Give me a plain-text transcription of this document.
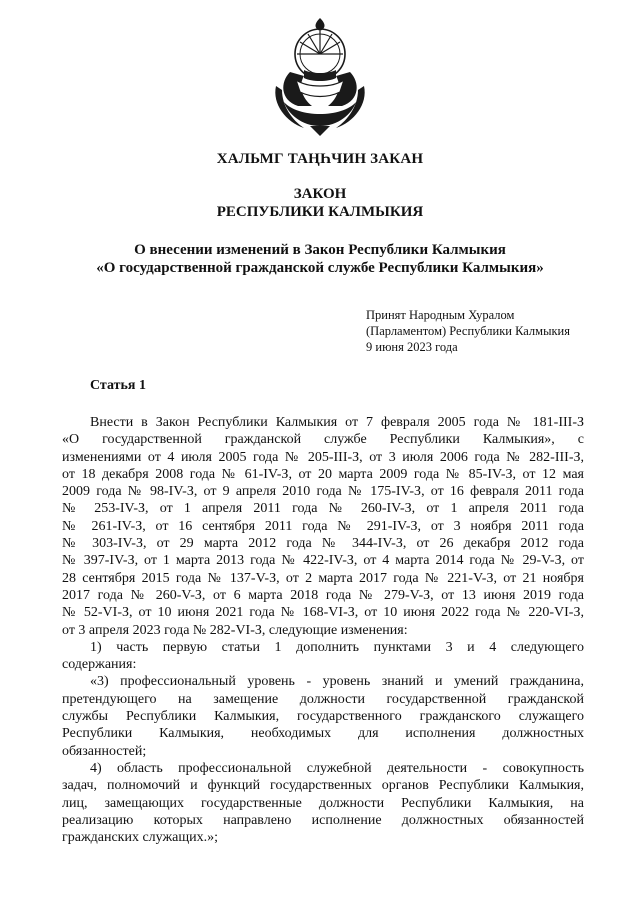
ХАЛЬМГ ТАҢҺЧИН ЗАКАН

ЗАКОН

РЕСПУБЛИКИ КАЛМЫКИЯ

О внесении изменений в Закон Республики Калмыкия

«О государственной гражданской службе Республики Калмыкия»

Принят Народным Хуралом
(Парламентом) Республики Калмыкия
9 июня 2023 года

Статья 1

  Внести в Закон Республики Калмыкия от 7 февраля 2005 года № 181-III-З
«О государственной гражданской службе Республики Калмыкия», с
изменениями от 4 июля 2005 года № 205-III-З, от 3 июля 2006 года № 282-III-З,
от 18 декабря 2008 года № 61-IV-З, от 20 марта 2009 года № 85-IV-З, от 12 мая
2009 года № 98-IV-З, от 9 апреля 2010 года № 175-IV-З, от 16 февраля 2011 года
№ 253-IV-З, от 1 апреля 2011 года № 260-IV-З, от 1 апреля 2011 года
№ 261-IV-З, от 16 сентября 2011 года № 291-IV-З, от 3 ноября 2011 года
№ 303-IV-З, от 29 марта 2012 года № 344-IV-З, от 26 декабря 2012 года
№ 397-IV-З, от 1 марта 2013 года № 422-IV-З, от 4 марта 2014 года № 29-V-З, от
28 сентября 2015 года № 137-V-З, от 2 марта 2017 года № 221-V-З, от 21 ноября
2017 года № 260-V-З, от 6 марта 2018 года № 279-V-З, от 13 июня 2019 года
№ 52-VI-З, от 10 июня 2021 года № 168-VI-З, от 10 июня 2022 года № 220-VI-З,
от 3 апреля 2023 года № 282-VI-З, следующие изменения:
  1) часть первую статьи 1 дополнить пунктами 3 и 4 следующего
содержания:
  «3) профессиональный уровень - уровень знаний и умений гражданина,
претендующего на замещение должности государственной гражданской
службы Республики Калмыкия, государственного гражданского служащего
Республики Калмыкия, необходимых для исполнения должностных
обязанностей;
  4) область профессиональной служебной деятельности - совокупность
задач, полномочий и функций государственных органов Республики Калмыкия,
лиц, замещающих государственные должности Республики Калмыкия, на
реализацию которых направлено исполнение должностных обязанностей
гражданских служащих.»;
